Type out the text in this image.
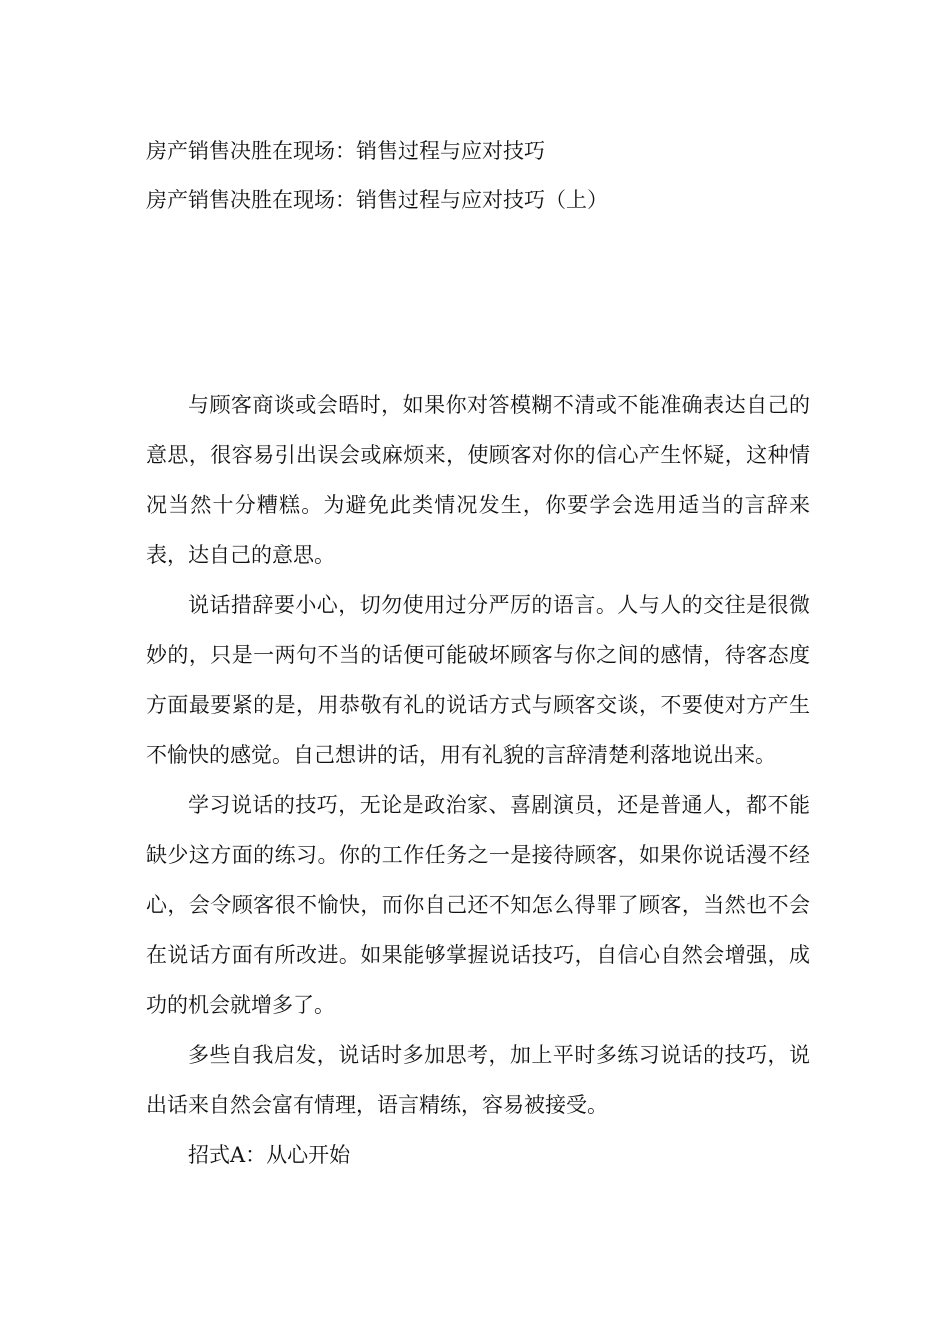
房产销售决胜在现场：销售过程与应对技巧
房产销售决胜在现场：销售过程与应对技巧（上）

与顾客商谈或会晤时，如果你对答模糊不清或不能准确表达自己的意思，很容易引出误会或麻烦来，使顾客对你的信心产生怀疑，这种情况当然十分糟糕。为避免此类情况发生，你要学会选用适当的言辞来表，达自己的意思。

说话措辞要小心，切勿使用过分严厉的语言。人与人的交往是很微妙的，只是一两句不当的话便可能破坏顾客与你之间的感情，待客态度方面最要紧的是，用恭敬有礼的说话方式与顾客交谈，不要使对方产生不愉快的感觉。自己想讲的话，用有礼貌的言辞清楚利落地说出来。

学习说话的技巧，无论是政治家、喜剧演员，还是普通人，都不能缺少这方面的练习。你的工作任务之一是接待顾客，如果你说话漫不经心，会令顾客很不愉快，而你自己还不知怎么得罪了顾客，当然也不会在说话方面有所改进。如果能够掌握说话技巧，自信心自然会增强，成功的机会就增多了。

多些自我启发，说话时多加思考，加上平时多练习说话的技巧，说出话来自然会富有情理，语言精练，容易被接受。

招式A：从心开始
